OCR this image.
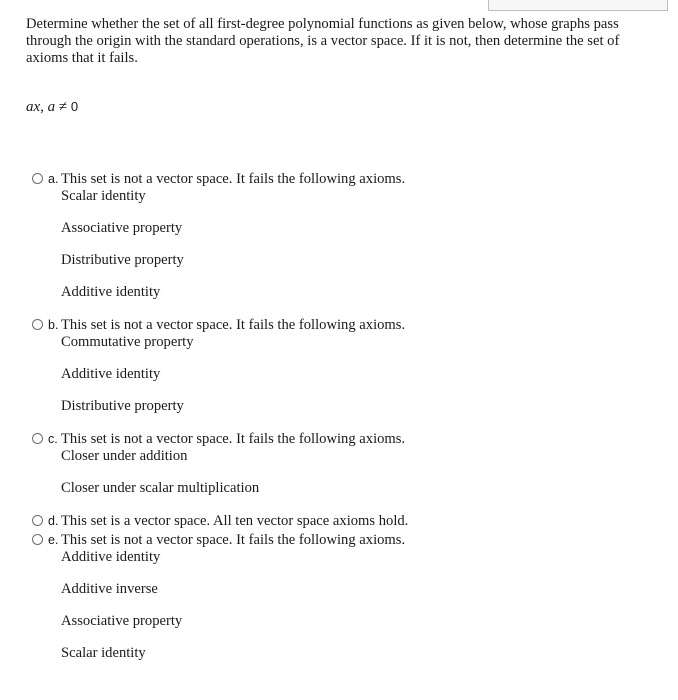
Determine whether the set of all first-degree polynomial functions as given below, whose graphs pass through the origin with the standard operations, is a vector space. If it is not, then determine the set of axioms that it fails.
ax, a ≠ 0
a. This set is not a vector space. It fails the following axioms.
Scalar identity
Associative property
Distributive property
Additive identity
b. This set is not a vector space. It fails the following axioms.
Commutative property
Additive identity
Distributive property
c. This set is not a vector space. It fails the following axioms.
Closer under addition
Closer under scalar multiplication
d. This set is a vector space. All ten vector space axioms hold.
e. This set is not a vector space. It fails the following axioms.
Additive identity
Additive inverse
Associative property
Scalar identity
